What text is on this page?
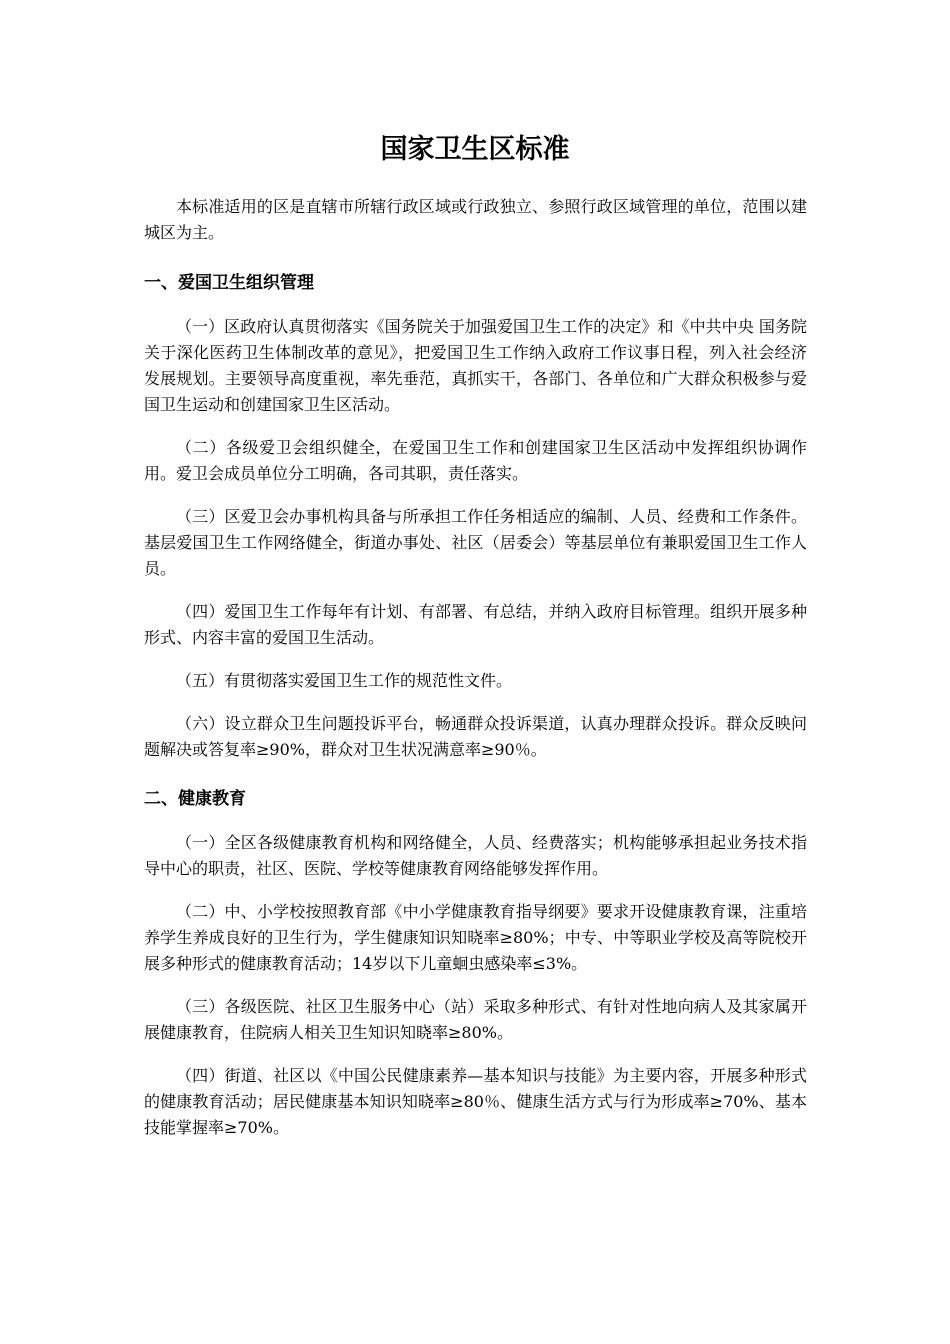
国家卫生区标准

本标准适用的区是直辖市所辖行政区域或行政独立、参照行政区域管理的单位，范围以建城区为主。

一、爱国卫生组织管理

（一）区政府认真贯彻落实《国务院关于加强爱国卫生工作的决定》和《中共中央 国务院关于深化医药卫生体制改革的意见》，把爱国卫生工作纳入政府工作议事日程，列入社会经济发展规划。主要领导高度重视，率先垂范，真抓实干，各部门、各单位和广大群众积极参与爱国卫生运动和创建国家卫生区活动。

（二）各级爱卫会组织健全，在爱国卫生工作和创建国家卫生区活动中发挥组织协调作用。爱卫会成员单位分工明确，各司其职，责任落实。

（三）区爱卫会办事机构具备与所承担工作任务相适应的编制、人员、经费和工作条件。基层爱国卫生工作网络健全，街道办事处、社区（居委会）等基层单位有兼职爱国卫生工作人员。

（四）爱国卫生工作每年有计划、有部署、有总结，并纳入政府目标管理。组织开展多种形式、内容丰富的爱国卫生活动。

（五）有贯彻落实爱国卫生工作的规范性文件。

（六）设立群众卫生问题投诉平台，畅通群众投诉渠道，认真办理群众投诉。群众反映问题解决或答复率≥90%，群众对卫生状况满意率≥90％。

二、健康教育

（一）全区各级健康教育机构和网络健全，人员、经费落实；机构能够承担起业务技术指导中心的职责，社区、医院、学校等健康教育网络能够发挥作用。

（二）中、小学校按照教育部《中小学健康教育指导纲要》要求开设健康教育课，注重培养学生养成良好的卫生行为，学生健康知识知晓率≥80%；中专、中等职业学校及高等院校开展多种形式的健康教育活动；14岁以下儿童蛔虫感染率≤3%。

（三）各级医院、社区卫生服务中心（站）采取多种形式、有针对性地向病人及其家属开展健康教育，住院病人相关卫生知识知晓率≥80%。

（四）街道、社区以《中国公民健康素养—基本知识与技能》为主要内容，开展多种形式的健康教育活动；居民健康基本知识知晓率≥80％、健康生活方式与行为形成率≥70%、基本技能掌握率≥70%。
